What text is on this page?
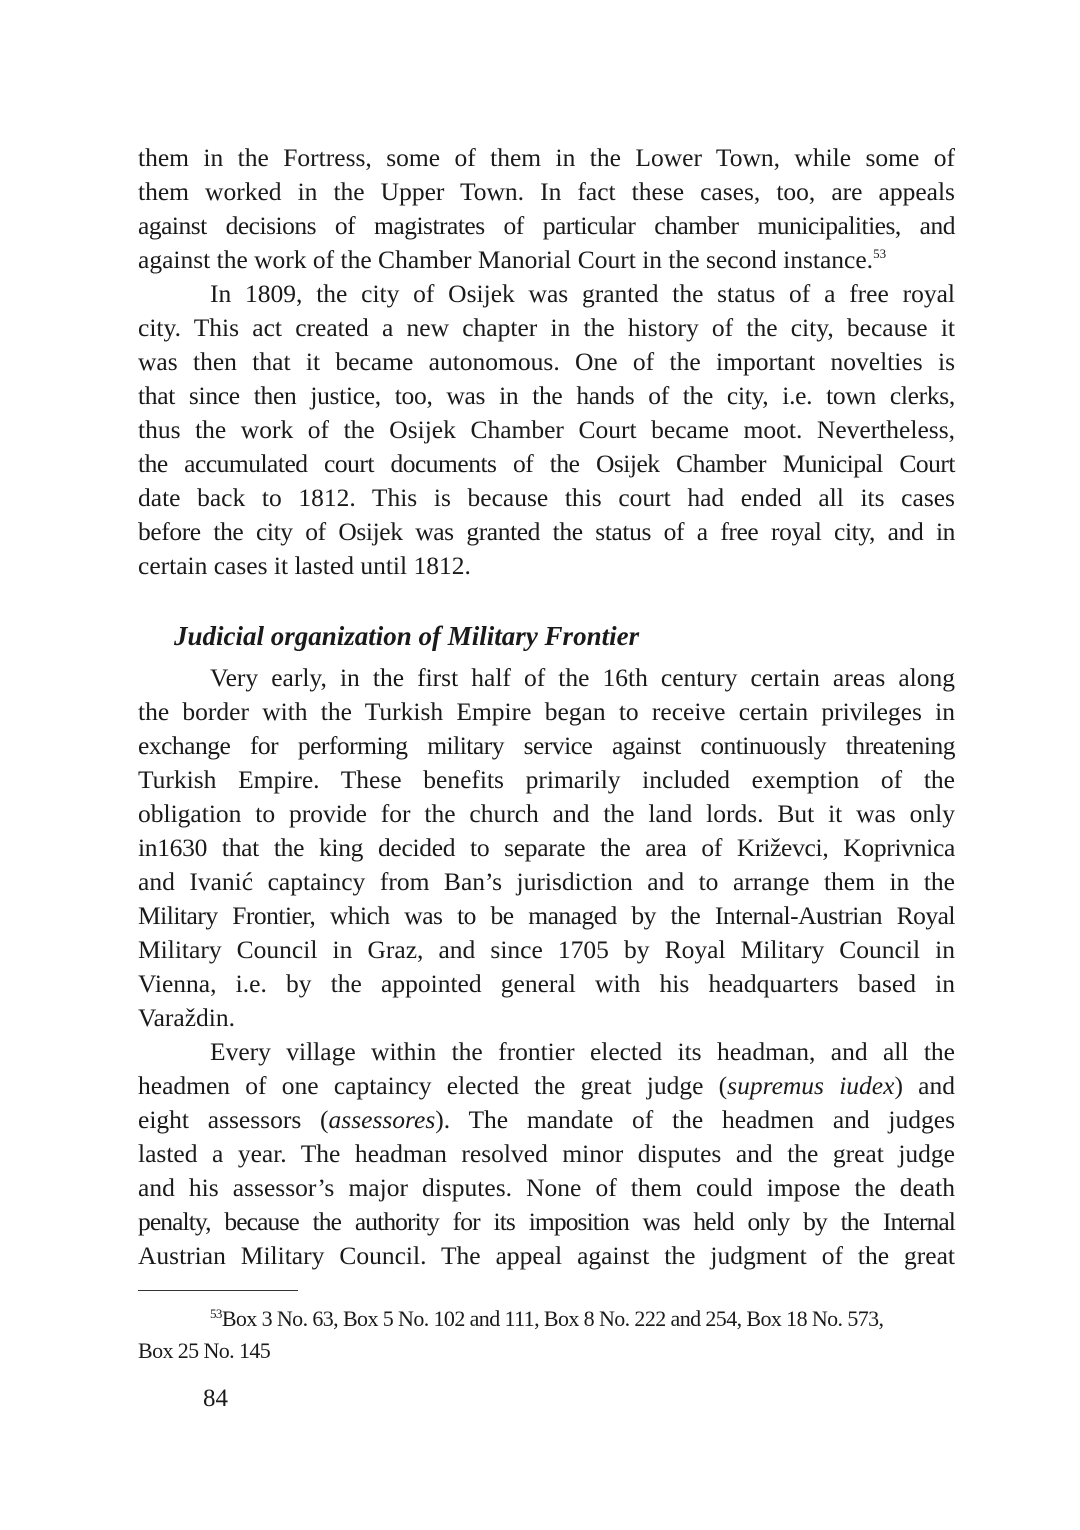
them in the Fortress, some of them in the Lower Town, while some of
them worked in the Upper Town. In fact these cases, too, are appeals
against decisions of magistrates of particular chamber municipalities, and
against the work of the Chamber Manorial Court in the second instance.$^{53}$
In 1809, the city of Osijek was granted the status of a free royal
city. This act created a new chapter in the history of the city, because it
was then that it became autonomous. One of the important novelties is
that since then justice, too, was in the hands of the city, i.e. town clerks,
thus the work of the Osijek Chamber Court became moot. Nevertheless,
the accumulated court documents of the Osijek Chamber Municipal Court
date back to 1812. This is because this court had ended all its cases
before the city of Osijek was granted the status of a free royal city, and in
certain cases it lasted until 1812.
Judicial organization of Military Frontier
Very early, in the first half of the 16th century certain areas along
the border with the Turkish Empire began to receive certain privileges in
exchange for performing military service against continuously threatening
Turkish Empire. These benefits primarily included exemption of the
obligation to provide for the church and the land lords. But it was only
in1630 that the king decided to separate the area of Križevci, Koprivnica
and Ivanić captaincy from Ban’s jurisdiction and to arrange them in the
Military Frontier, which was to be managed by the Internal-Austrian Royal
Military Council in Graz, and since 1705 by Royal Military Council in
Vienna, i.e. by the appointed general with his headquarters based in
Varaždin.
Every village within the frontier elected its headman, and all the
headmen of one captaincy elected the great judge (supremus iudex) and
eight assessors (assessores). The mandate of the headmen and judges
lasted a year. The headman resolved minor disputes and the great judge
and his assessor’s major disputes. None of them could impose the death
penalty, because the authority for its imposition was held only by the Internal
Austrian Military Council. The appeal against the judgment of the great
$^{53}$Box 3 No. 63, Box 5 No. 102 and 111, Box 8 No. 222 and 254, Box 18 No. 573,
Box 25 No. 145
84
